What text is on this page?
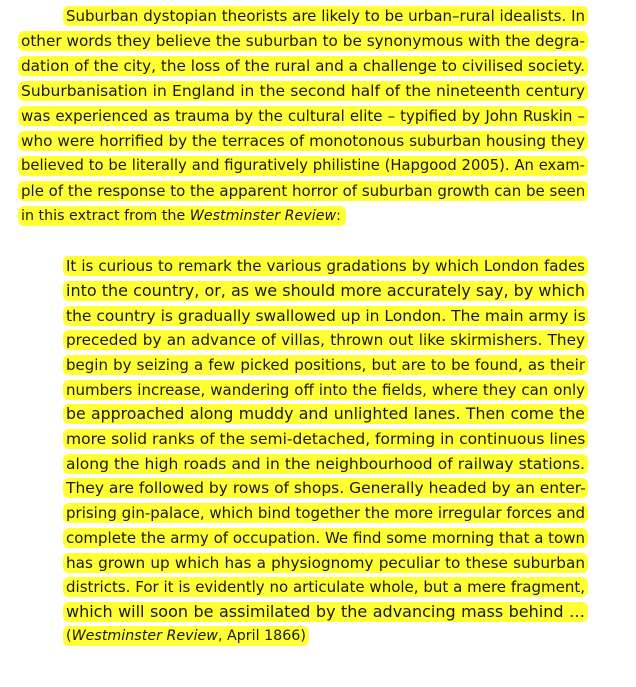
Suburban dystopian theorists are likely to be urban–rural idealists. In
other words they believe the suburban to be synonymous with the degra-
dation of the city, the loss of the rural and a challenge to civilised society.
Suburbanisation in England in the second half of the nineteenth century
was experienced as trauma by the cultural elite – typified by John Ruskin –
who were horrified by the terraces of monotonous suburban housing they
believed to be literally and figuratively philistine (Hapgood 2005). An exam-
ple of the response to the apparent horror of suburban growth can be seen
in this extract from the Westminster Review:
It is curious to remark the various gradations by which London fades
into the country, or, as we should more accurately say, by which
the country is gradually swallowed up in London. The main army is
preceded by an advance of villas, thrown out like skirmishers. They
begin by seizing a few picked positions, but are to be found, as their
numbers increase, wandering off into the fields, where they can only
be approached along muddy and unlighted lanes. Then come the
more solid ranks of the semi-detached, forming in continuous lines
along the high roads and in the neighbourhood of railway stations.
They are followed by rows of shops. Generally headed by an enter-
prising gin-palace, which bind together the more irregular forces and
complete the army of occupation. We find some morning that a town
has grown up which has a physiognomy peculiar to these suburban
districts. For it is evidently no articulate whole, but a mere fragment,
which will soon be assimilated by the advancing mass behind …
(Westminster Review, April 1866)
